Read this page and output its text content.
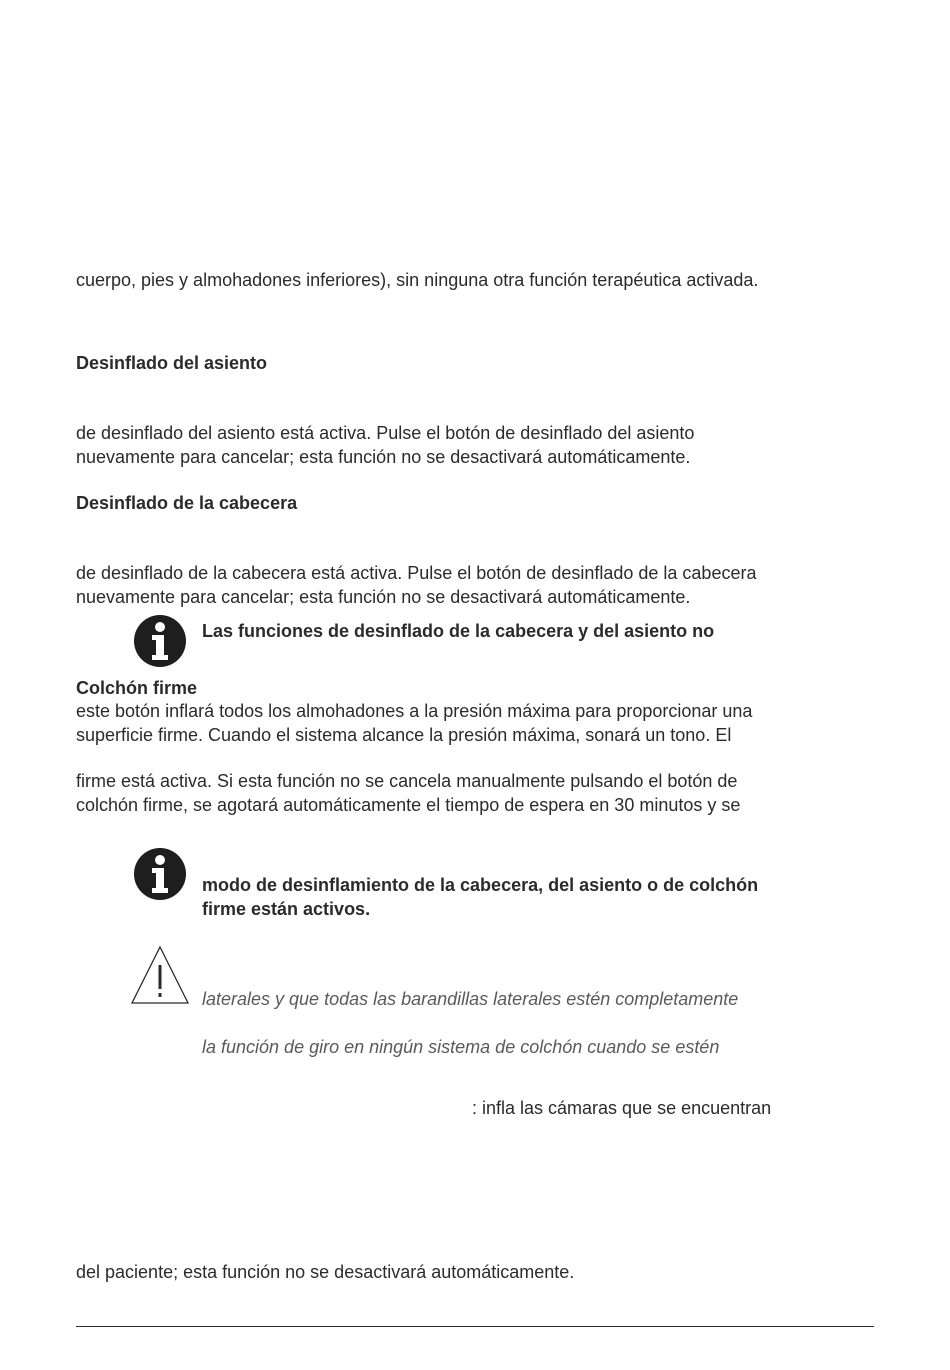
cuerpo, pies y almohadones inferiores), sin ninguna otra función terapéutica activada.

Desinflado del asiento

de desinflado del asiento está activa. Pulse el botón de desinflado del asiento

nuevamente para cancelar; esta función no se desactivará automáticamente.

Desinflado de la cabecera

de desinflado de la cabecera está activa. Pulse el botón de desinflado de la cabecera

nuevamente para cancelar; esta función no se desactivará automáticamente.

Las funciones de desinflado de la cabecera y del asiento no

Colchón firme

este botón inflará todos los almohadones a la presión máxima para proporcionar una

superficie firme. Cuando el sistema alcance la presión máxima, sonará un tono. El

firme está activa. Si esta función no se cancela manualmente pulsando el botón de

colchón firme, se agotará automáticamente el tiempo de espera en 30 minutos y se

modo de desinflamiento de la cabecera, del asiento o de colchón

firme están activos.

laterales y que todas las barandillas laterales estén completamente

la función de giro en ningún sistema de colchón cuando se estén

: infla las cámaras que se encuentran

del paciente; esta función no se desactivará automáticamente.
